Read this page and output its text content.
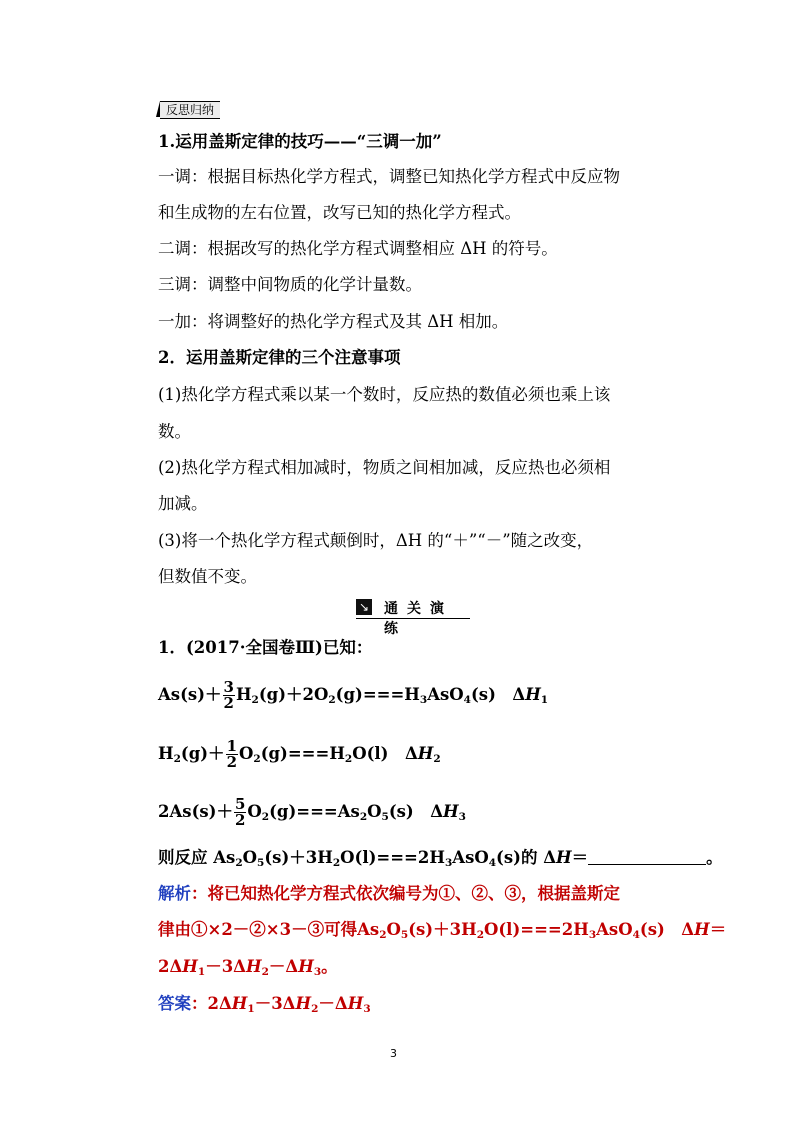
反思归纳
1.运用盖斯定律的技巧——“三调一加”
一调：根据目标热化学方程式，调整已知热化学方程式中反应物
和生成物的左右位置，改写已知的热化学方程式。
二调：根据改写的热化学方程式调整相应 ΔH 的符号。
三调：调整中间物质的化学计量数。
一加：将调整好的热化学方程式及其 ΔH 相加。
2．运用盖斯定律的三个注意事项
(1)热化学方程式乘以某一个数时，反应热的数值必须也乘上该
数。
(2)热化学方程式相加减时，物质之间相加减，反应热也必须相
加减。
(3)将一个热化学方程式颠倒时，ΔH 的“＋”“－”随之改变，
但数值不变。
↘ 通关演练
1．(2017·全国卷Ⅲ)已知：
$As(s)+ \frac{3}{2} H_2(g)+2O_2(g)===H_3AsO_4(s)$　$\Delta H_1$
$H_2(g)+ \frac{1}{2} O_2(g)===H_2O(l)$　$\Delta H_2$
$2As(s)+ \frac{5}{2} O_2(g)===As_2O_5(s)$　$\Delta H_3$
则反应 $As_2O_5(s)+3H_2O(l)===2H_3AsO_4(s)$的 ΔH＝	。
解析：将已知热化学方程式依次编号为①、②、③，根据盖斯定
律由①×2－②×3－③可得$As_2O_5(s)+3H_2O(l)===2H_3AsO_4(s)$　ΔH＝
$2\Delta H_1-3\Delta H_2-\Delta H_3$。
答案：$2\Delta H_1-3\Delta H_2-\Delta H_3$
3
